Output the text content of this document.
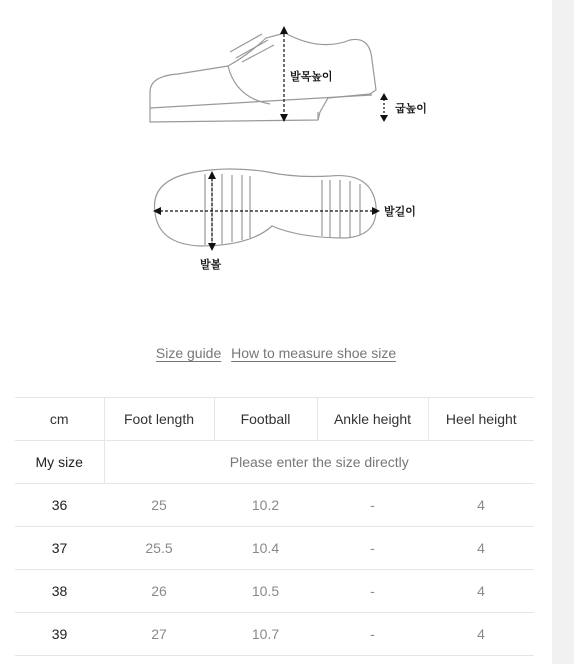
발목높이
굽높이
발길이
발볼
Size guide How to measure shoe size
cm	Foot length	Football	Ankle height	Heel height
My size	Please enter the size directly			
36	25	10.2	-	4
37	25.5	10.4	-	4
38	26	10.5	-	4
39	27	10.7	-	4
